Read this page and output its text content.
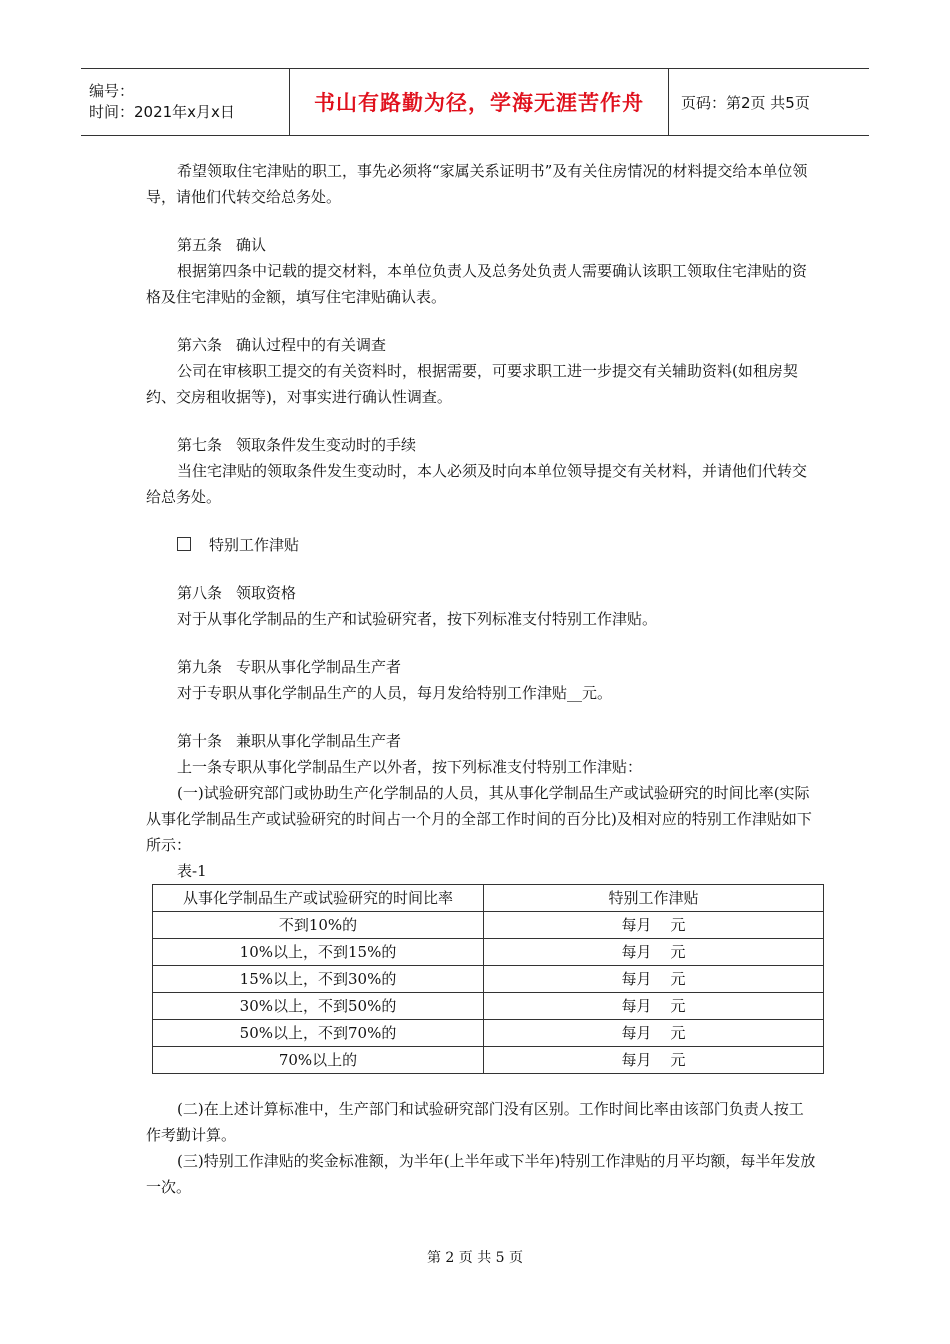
编号：
时间：2021年x月x日	书山有路勤为径，学海无涯苦作舟	页码：第2页 共5页

希望领取住宅津贴的职工，事先必须将“家属关系证明书”及有关住房情况的材料提交给本单位领导，请他们代转交给总务处。

第五条 确认

根据第四条中记载的提交材料，本单位负责人及总务处负责人需要确认该职工领取住宅津贴的资格及住宅津贴的金额，填写住宅津贴确认表。

第六条 确认过程中的有关调查

公司在审核职工提交的有关资料时，根据需要，可要求职工进一步提交有关辅助资料(如租房契约、交房租收据等)，对事实进行确认性调查。

第七条 领取条件发生变动时的手续

当住宅津贴的领取条件发生变动时，本人必须及时向本单位领导提交有关材料，并请他们代转交给总务处。

特别工作津贴

第八条 领取资格

对于从事化学制品的生产和试验研究者，按下列标准支付特别工作津贴。

第九条 专职从事化学制品生产者

对于专职从事化学制品生产的人员，每月发给特别工作津贴__元。

第十条 兼职从事化学制品生产者

上一条专职从事化学制品生产以外者，按下列标准支付特别工作津贴：

(一)试验研究部门或协助生产化学制品的人员，其从事化学制品生产或试验研究的时间比率(实际从事化学制品生产或试验研究的时间占一个月的全部工作时间的百分比)及相对应的特别工作津贴如下所示：

表-1

从事化学制品生产或试验研究的时间比率	特别工作津贴
不到10%的	每月    元
10%以上，不到15%的	每月    元
15%以上，不到30%的	每月    元
30%以上，不到50%的	每月    元
50%以上，不到70%的	每月    元
70%以上的	每月    元

(二)在上述计算标准中，生产部门和试验研究部门没有区别。工作时间比率由该部门负责人按工作考勤计算。

(三)特别工作津贴的奖金标准额，为半年(上半年或下半年)特别工作津贴的月平均额，每半年发放一次。

第 2 页 共 5 页
